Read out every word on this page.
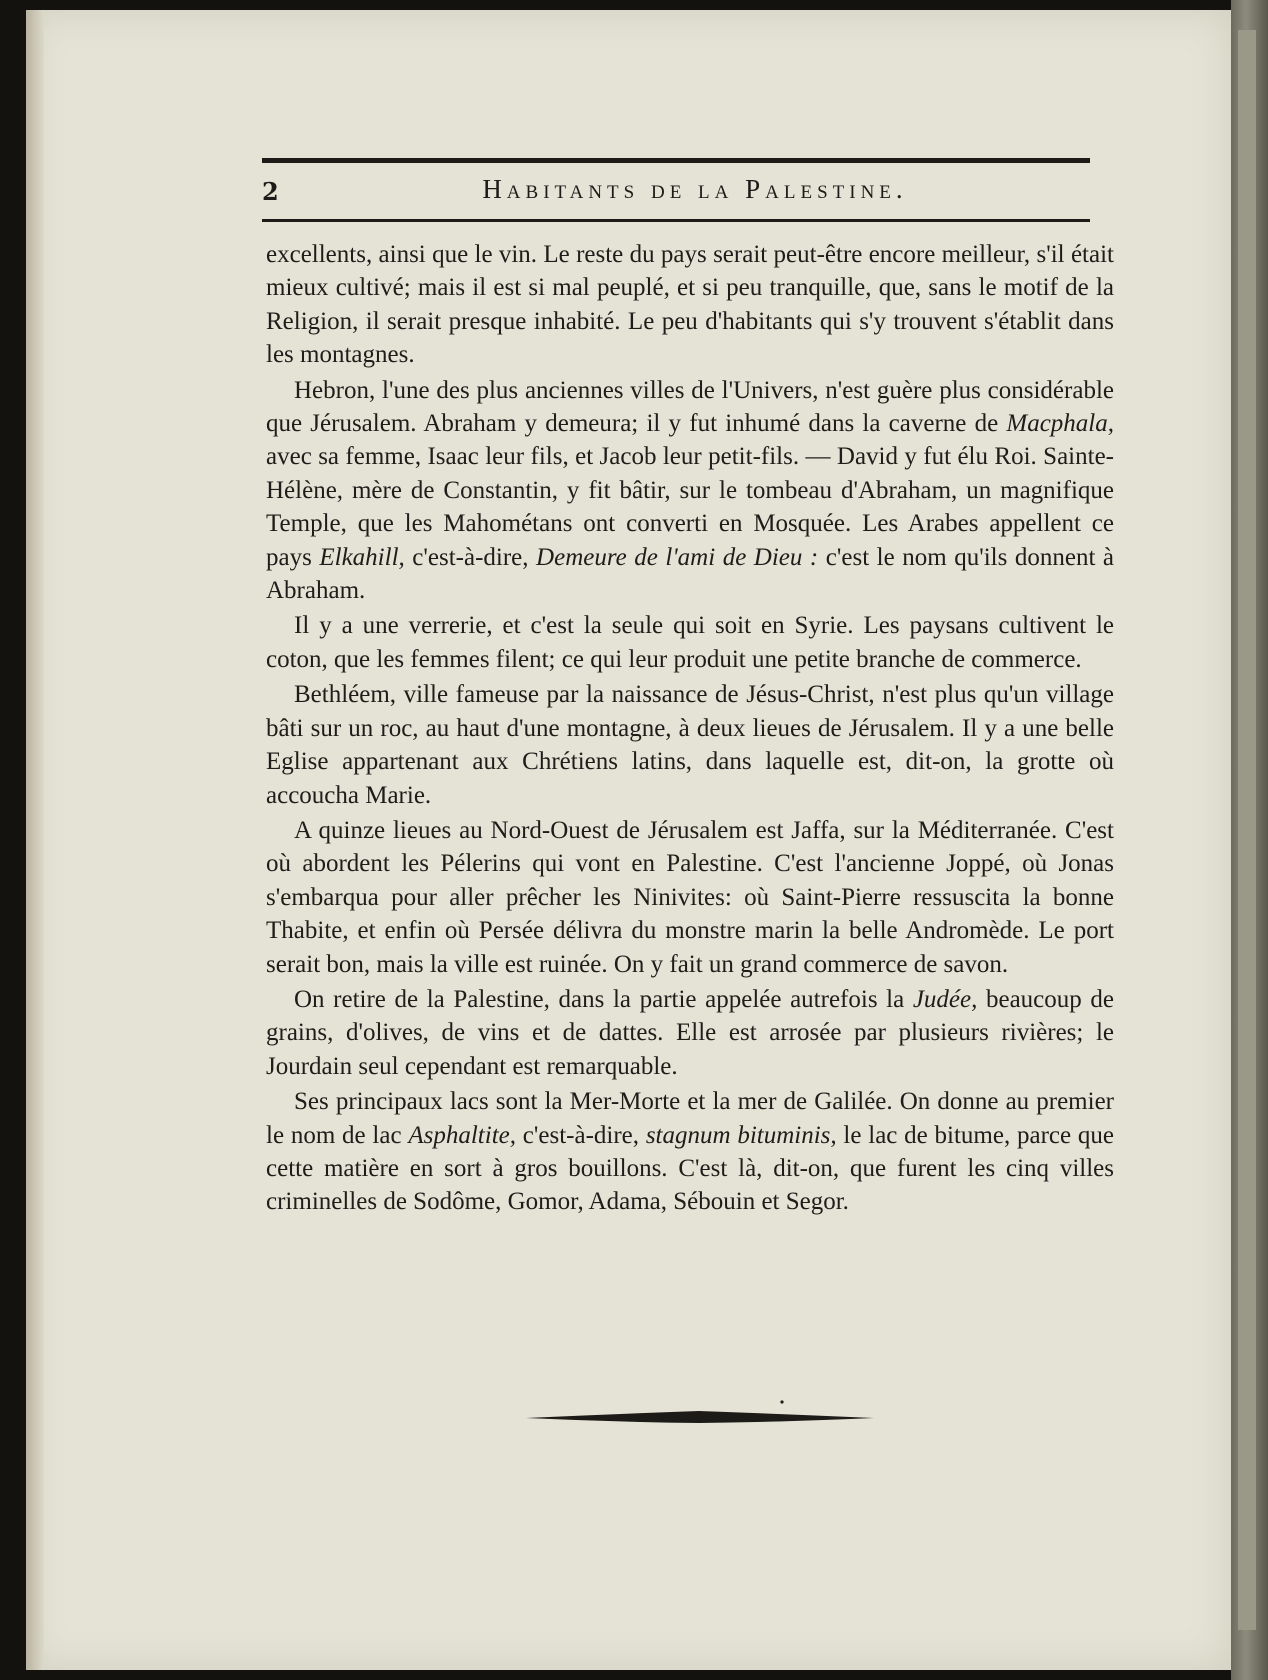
2	Habitants de la Palestine.

excellents, ainsi que le vin. Le reste du pays serait peut-être encore meilleur, s'il était mieux cultivé; mais il est si mal peuplé, et si peu tranquille, que, sans le motif de la Religion, il serait presque inhabité. Le peu d'habitants qui s'y trouvent s'établit dans les montagnes.

Hebron, l'une des plus anciennes villes de l'Univers, n'est guère plus considérable que Jérusalem. Abraham y demeura; il y fut inhumé dans la caverne de Macphala, avec sa femme, Isaac leur fils, et Jacob leur petit-fils. — David y fut élu Roi. Sainte-Hélène, mère de Constantin, y fit bâtir, sur le tombeau d'Abraham, un magnifique Temple, que les Mahométans ont converti en Mosquée. Les Arabes appellent ce pays Elkahill, c'est-à-dire, Demeure de l'ami de Dieu : c'est le nom qu'ils donnent à Abraham.

Il y a une verrerie, et c'est la seule qui soit en Syrie. Les paysans cultivent le coton, que les femmes filent; ce qui leur produit une petite branche de commerce.

Bethléem, ville fameuse par la naissance de Jésus-Christ, n'est plus qu'un village bâti sur un roc, au haut d'une montagne, à deux lieues de Jérusalem. Il y a une belle Eglise appartenant aux Chrétiens latins, dans laquelle est, dit-on, la grotte où accoucha Marie.

A quinze lieues au Nord-Ouest de Jérusalem est Jaffa, sur la Méditerranée. C'est où abordent les Pélerins qui vont en Palestine. C'est l'ancienne Joppé, où Jonas s'embarqua pour aller prêcher les Ninivites: où Saint-Pierre ressuscita la bonne Thabite, et enfin où Persée délivra du monstre marin la belle Andromède. Le port serait bon, mais la ville est ruinée. On y fait un grand commerce de savon.

On retire de la Palestine, dans la partie appelée autrefois la Judée, beaucoup de grains, d'olives, de vins et de dattes. Elle est arrosée par plusieurs rivières; le Jourdain seul cependant est remarquable.

Ses principaux lacs sont la Mer-Morte et la mer de Galilée. On donne au premier le nom de lac Asphaltite, c'est-à-dire, stagnum bituminis, le lac de bitume, parce que cette matière en sort à gros bouillons. C'est là, dit-on, que furent les cinq villes criminelles de Sodôme, Gomor, Adama, Sébouin et Segor.
